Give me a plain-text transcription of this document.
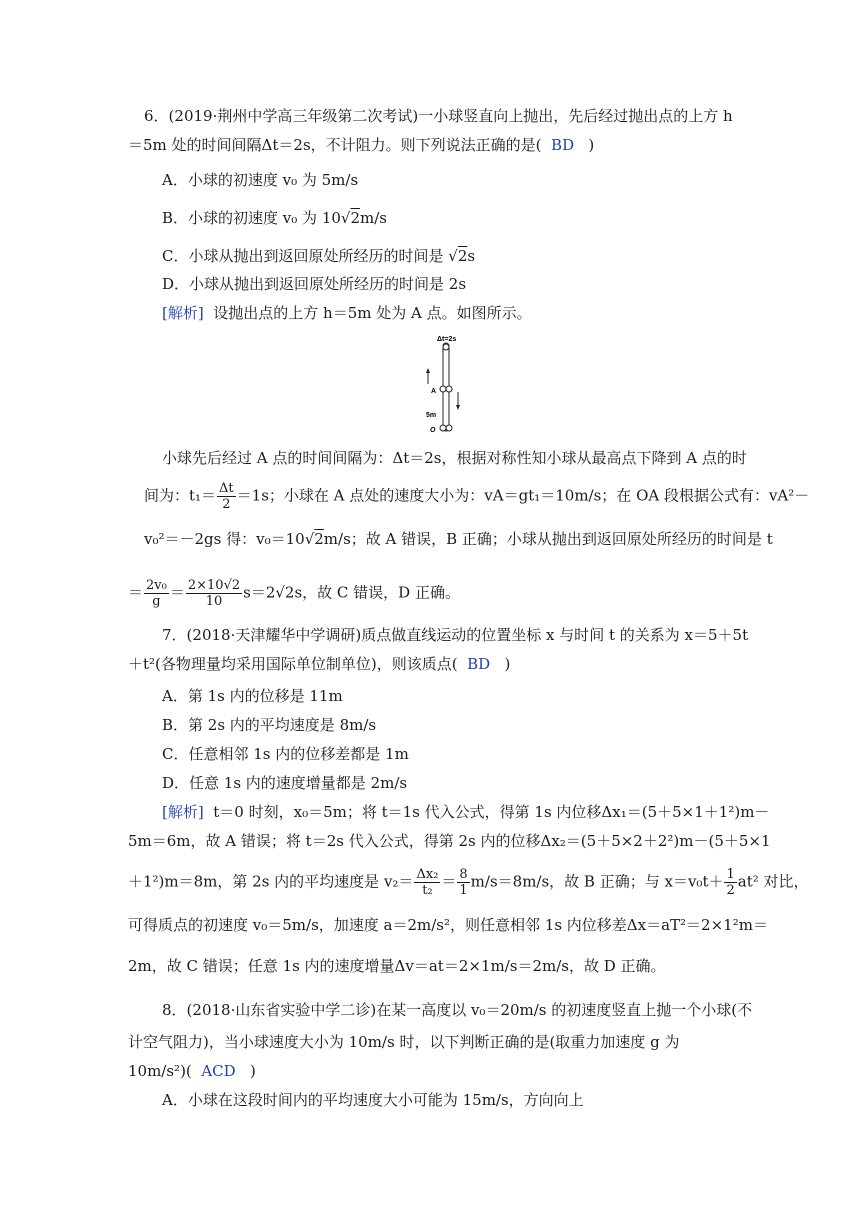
6．(2019·荆州中学高三年级第二次考试)一小球竖直向上抛出，先后经过抛出点的上方 h
＝5m 处的时间间隔Δt＝2s，不计阻力。则下列说法正确的是( BD )
A．小球的初速度 v₀ 为 5m/s
B．小球的初速度 v₀ 为 10√2m/s
C．小球从抛出到返回原处所经历的时间是 √2s
D．小球从抛出到返回原处所经历的时间是 2s
[解析] 设抛出点的上方 h＝5m 处为 A 点。如图所示。
Δt=2s
A
5m
O
小球先后经过 A 点的时间间隔为：Δt＝2s，根据对称性知小球从最高点下降到 A 点的时
间为：$t_1= \frac{\Delta t}{2} =1s$；小球在 A 点处的速度大小为：vA＝gt₁＝10m/s；在 OA 段根据公式有：vA²－
v₀²＝－2gs 得：v₀＝10√2m/s；故 A 错误，B 正确；小球从抛出到返回原处所经历的时间是 t
＝ $\frac{\text{2v₀}}{g} = \frac{2\times 10√2}{10} s=2√2s$，故 C 错误，D 正确。
7．(2018·天津耀华中学调研)质点做直线运动的位置坐标 x 与时间 t 的关系为 x＝5＋5t
＋t²(各物理量均采用国际单位制单位)，则该质点( BD )
A．第 1s 内的位移是 11m
B．第 2s 内的平均速度是 8m/s
C．任意相邻 1s 内的位移差都是 1m
D．任意 1s 内的速度增量都是 2m/s
[解析] t＝0 时刻，x₀＝5m；将 t＝1s 代入公式，得第 1s 内位移Δx₁＝(5＋5×1＋1²)m－
5m＝6m，故 A 错误；将 t＝2s 代入公式，得第 2s 内的位移Δx₂＝(5＋5×2＋2²)m－(5＋5×1
＋1²)m＝8m，第 2s 内的平均速度是 $v_2= \frac{\text{Δx₂}}{\text{t₂}} = \frac{8}{1} m/s=8m/s$，故 B 正确；与 $x=v_0t+ \frac{1}{2} at^2$ 对比，
可得质点的初速度 v₀＝5m/s，加速度 a＝2m/s²，则任意相邻 1s 内位移差Δx＝aT²＝2×1²m＝
2m，故 C 错误；任意 1s 内的速度增量Δv＝at＝2×1m/s＝2m/s，故 D 正确。
8．(2018·山东省实验中学二诊)在某一高度以 v₀＝20m/s 的初速度竖直上抛一个小球(不
计空气阻力)，当小球速度大小为 10m/s 时，以下判断正确的是(取重力加速度 g 为
10m/s²)( ACD )
A．小球在这段时间内的平均速度大小可能为 15m/s，方向向上
